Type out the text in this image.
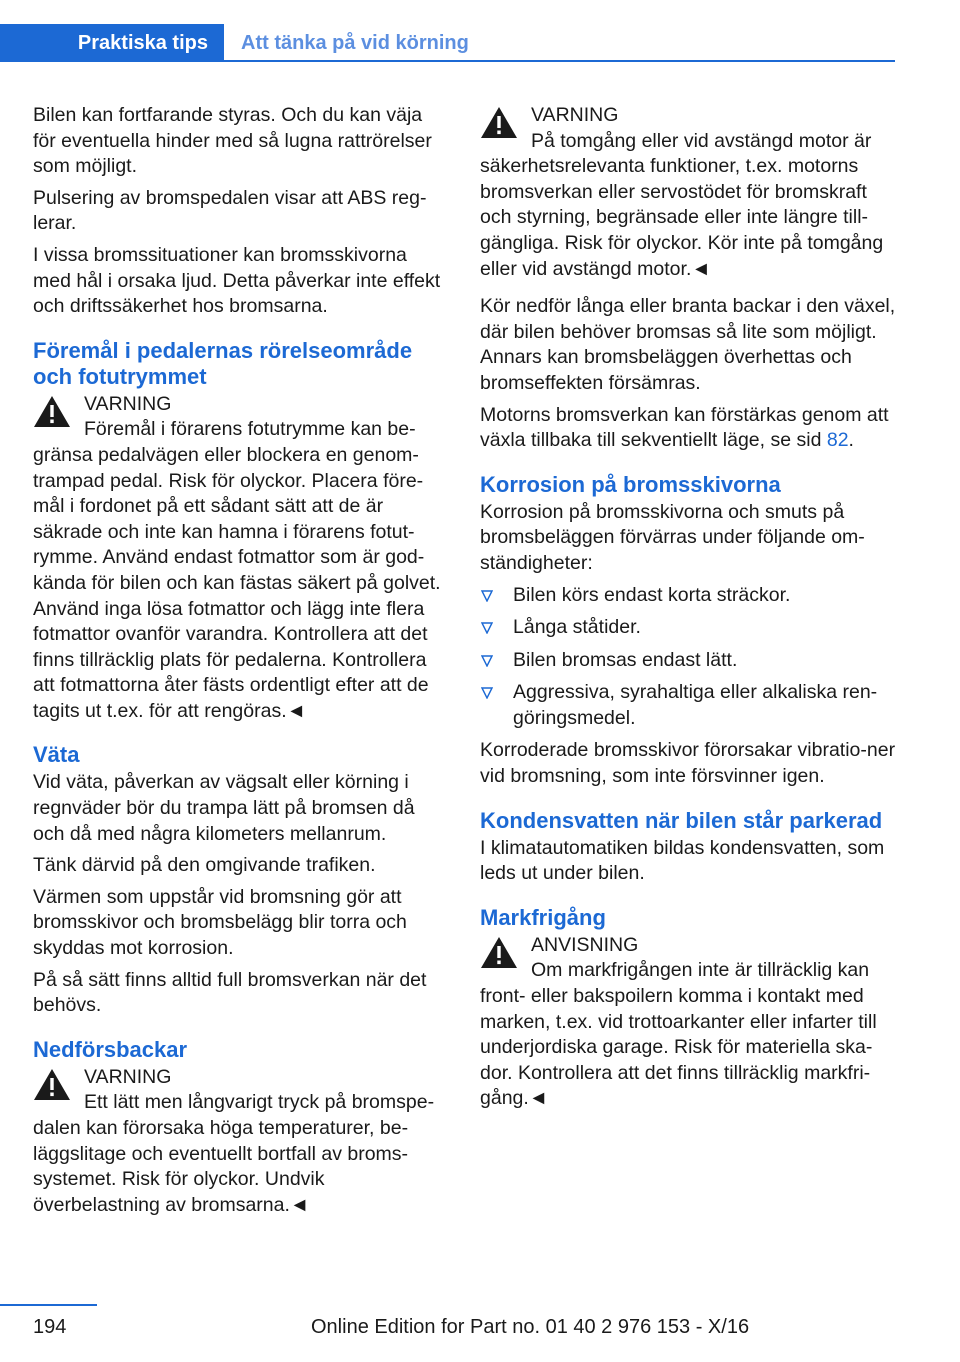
Praktiska tips	Att tänka på vid körning

Bilen kan fortfarande styras. Och du kan väja för eventuella hinder med så lugna rattrörelser som möjligt.

Pulsering av bromspedalen visar att ABS reg‐lerar.

I vissa bromssituationer kan bromsskivorna med hål i orsaka ljud. Detta påverkar inte effekt och driftssäkerhet hos bromsarna.

Föremål i pedalernas rörelseområde och fotutrymmet
VARNING
Föremål i förarens fotutrymme kan be‐gränsa pedalvägen eller blockera en genom‐trampad pedal. Risk för olyckor. Placera före‐mål i fordonet på ett sådant sätt att de är säkrade och inte kan hamna i förarens fotut‐rymme. Använd endast fotmattor som är god‐kända för bilen och kan fästas säkert på golvet. Använd inga lösa fotmattor och lägg inte flera fotmattor ovanför varandra. Kontrollera att det finns tillräcklig plats för pedalerna. Kontrollera att fotmattorna åter fästs ordentligt efter att de tagits ut t.ex. för att rengöras.◄
Väta

Vid väta, påverkan av vägsalt eller körning i regnväder bör du trampa lätt på bromsen då och då med några kilometers mellanrum.

Tänk därvid på den omgivande trafiken.

Värmen som uppstår vid bromsning gör att bromsskivor och bromsbelägg blir torra och skyddas mot korrosion.

På så sätt finns alltid full bromsverkan när det behövs.

Nedförsbackar
VARNING
Ett lätt men långvarigt tryck på bromspe‐dalen kan förorsaka höga temperaturer, be‐läggslitage och eventuellt bortfall av broms‐systemet. Risk för olyckor. Undvik överbelastning av bromsarna.◄
VARNING
På tomgång eller vid avstängd motor är säkerhetsrelevanta funktioner, t.ex. motorns bromsverkan eller servostödet för bromskraft och styrning, begränsade eller inte längre till‐gängliga. Risk för olyckor. Kör inte på tomgång eller vid avstängd motor.◄

Kör nedför långa eller branta backar i den växel, där bilen behöver bromsas så lite som möjligt. Annars kan bromsbeläggen överhettas och bromseffekten försämras.

Motorns bromsverkan kan förstärkas genom att växla tillbaka till sekventiellt läge, se sid 82.

Korrosion på bromsskivorna

Korrosion på bromsskivorna och smuts på bromsbeläggen förvärras under följande om‐ständigheter:

Bilen körs endast korta sträckor.
Långa ståtider.
Bilen bromsas endast lätt.
Aggressiva, syrahaltiga eller alkaliska ren‐göringsmedel.

Korroderade bromsskivor förorsakar vibratio‐ner vid bromsning, som inte försvinner igen.

Kondensvatten när bilen står parkerad

I klimatautomatiken bildas kondensvatten, som leds ut under bilen.

Markfrigång
ANVISNING
Om markfrigången inte är tillräcklig kan front- eller bakspoilern komma i kontakt med marken, t.ex. vid trottoarkanter eller infarter till underjordiska garage. Risk för materiella ska‐dor. Kontrollera att det finns tillräcklig markfri‐gång.◄
194	Online Edition for Part no. 01 40 2 976 153 - X/16
